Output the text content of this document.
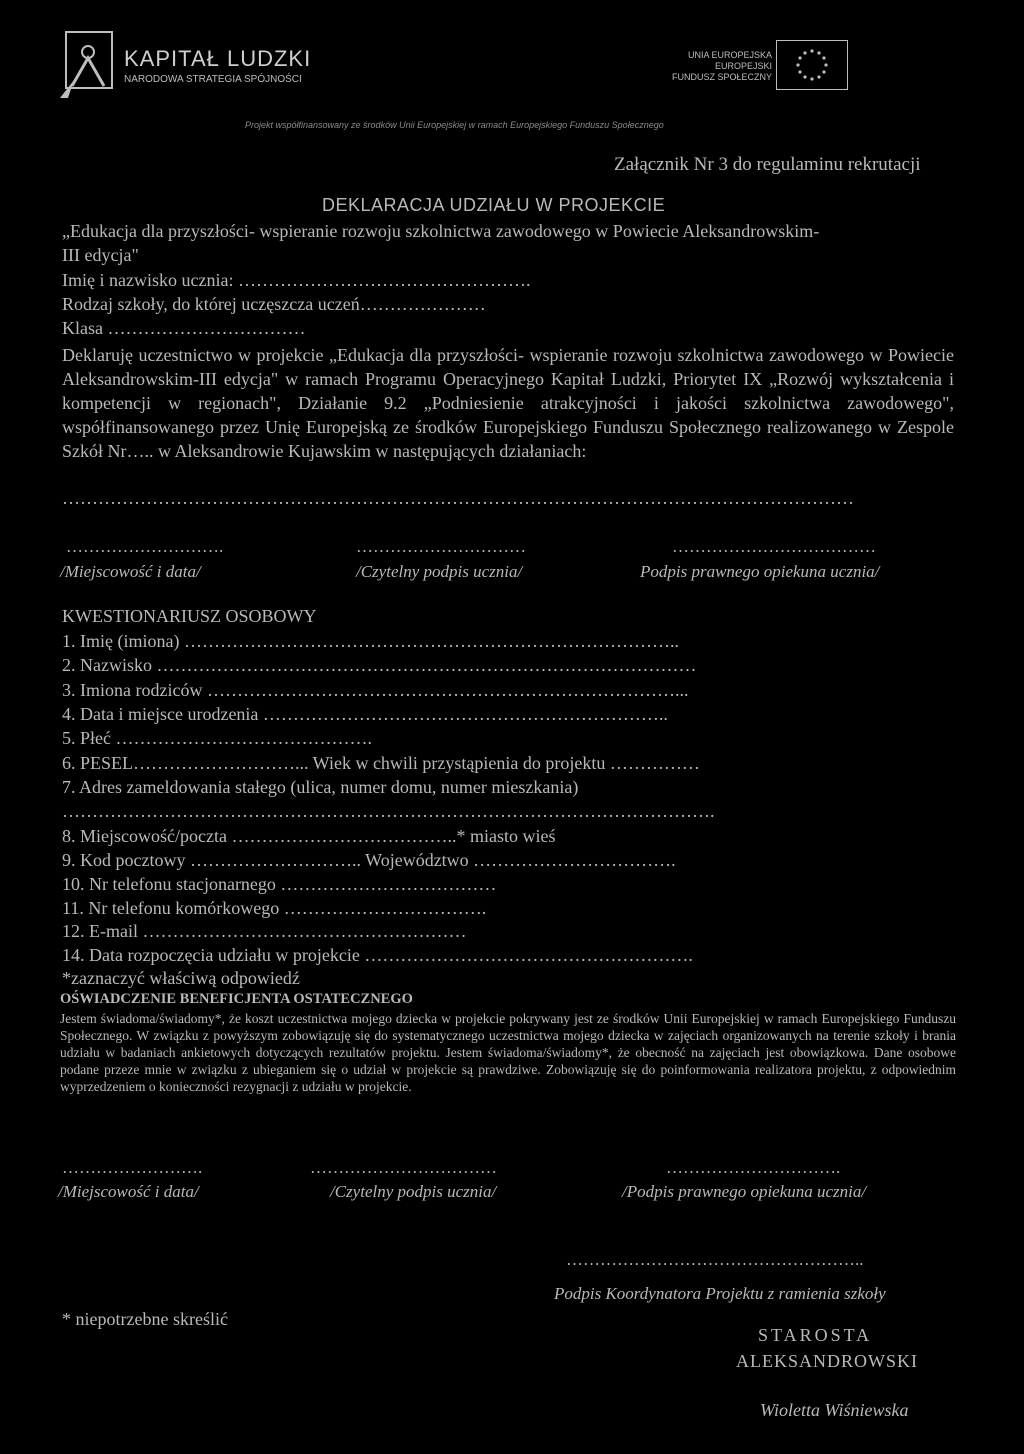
KAPITAŁ LUDZKI
NARODOWA STRATEGIA SPÓJNOŚCI
UNIA EUROPEJSKA
EUROPEJSKI
FUNDUSZ SPOŁECZNY
Projekt współfinansowany ze środków Unii Europejskiej w ramach Europejskiego Funduszu Społecznego
Załącznik Nr 3 do regulaminu rekrutacji
DEKLARACJA UDZIAŁU W PROJEKCIE
„Edukacja dla przyszłości- wspieranie rozwoju szkolnictwa zawodowego w Powiecie Aleksandrowskim-
III edycja"
Imię i nazwisko ucznia: ………………………………………….
Rodzaj szkoły, do której uczęszcza uczeń…………………
Klasa ……………………………
Deklaruję uczestnictwo w projekcie „Edukacja dla przyszłości- wspieranie rozwoju szkolnictwa zawodowego w Powiecie Aleksandrowskim-III edycja" w ramach Programu Operacyjnego Kapitał Ludzki, Priorytet IX „Rozwój wykształcenia i kompetencji w regionach", Działanie 9.2 „Podniesienie atrakcyjności i jakości szkolnictwa zawodowego", współfinansowanego przez Unię Europejską ze środków Europejskiego Funduszu Społecznego realizowanego w Zespole Szkół Nr….. w Aleksandrowie Kujawskim w następujących działaniach:
……………………………………………………………………………………………………………………
……………………….	…………………………	………………………………
/Miejscowość i data/	/Czytelny podpis ucznia/	Podpis prawnego opiekuna ucznia/
KWESTIONARIUSZ OSOBOWY
1. Imię (imiona) ………………………………………………………………………..
2. Nazwisko ………………………………………………………………………………
3. Imiona rodziców ……………………………………………………………………...
4. Data i miejsce urodzenia …………………………………………………………..
5. Płeć …………………………………….
6. PESEL………………………... Wiek w chwili przystąpienia do projektu ……………
7. Adres zameldowania stałego (ulica, numer domu, numer mieszkania)
……………………………………………………………………………………………….
8. Miejscowość/poczta ………………………………..* miasto wieś
9. Kod pocztowy ……………………….. Województwo …………………………….
10. Nr telefonu stacjonarnego ………………………………
11. Nr telefonu komórkowego …………………………….
12. E-mail ………………………………………………
14. Data rozpoczęcia udziału w projekcie ……………………………………………….
*zaznaczyć właściwą odpowiedź
OŚWIADCZENIE BENEFICJENTA OSTATECZNEGO
Jestem świadoma/świadomy*, że koszt uczestnictwa mojego dziecka w projekcie pokrywany jest ze środków Unii Europejskiej w ramach Europejskiego Funduszu Społecznego. W związku z powyższym zobowiązuję się do systematycznego uczestnictwa mojego dziecka w zajęciach organizowanych na terenie szkoły i brania udziału w badaniach ankietowych dotyczących rezultatów projektu. Jestem świadoma/świadomy*, że obecność na zajęciach jest obowiązkowa. Dane osobowe podane przeze mnie w związku z ubieganiem się o udział w projekcie są prawdziwe. Zobowiązuję się do poinformowania realizatora projektu, z odpowiednim wyprzedzeniem o konieczności rezygnacji z udziału w projekcie.
…………………….	……………………………	………………………….
/Miejscowość i data/	/Czytelny podpis ucznia/	/Podpis prawnego opiekuna ucznia/
……………………………………………..
Podpis Koordynatora Projektu z ramienia szkoły
* niepotrzebne skreślić
STAROSTA
ALEKSANDROWSKI
Wioletta Wiśniewska
